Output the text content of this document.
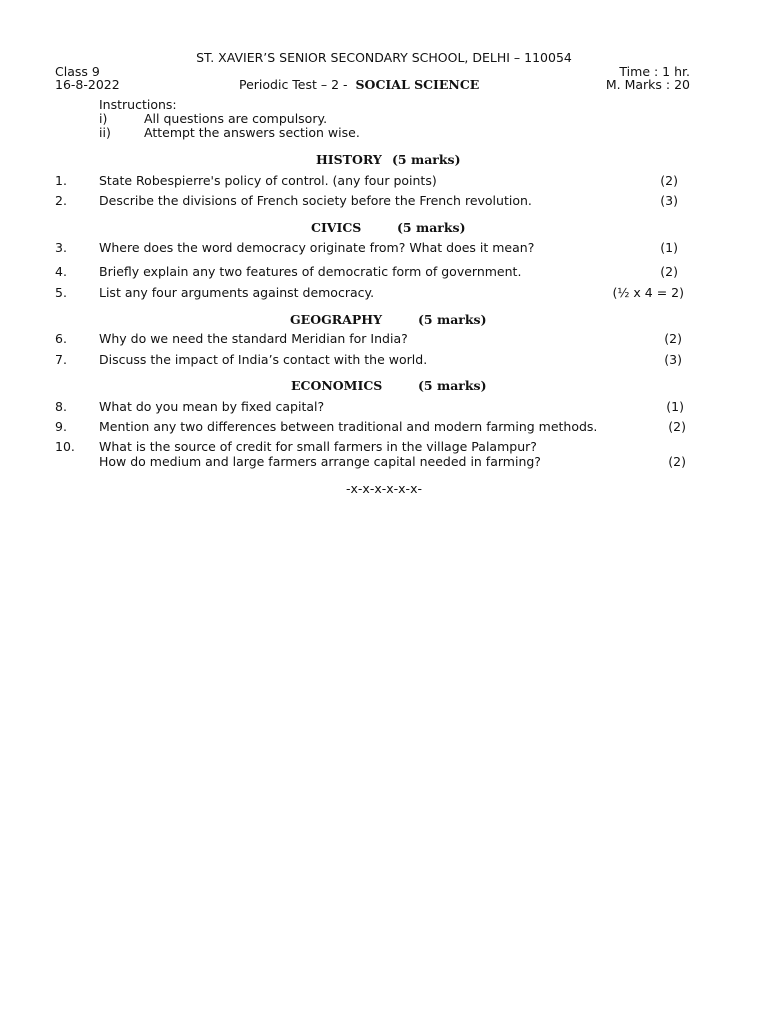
ST. XAVIER’S SENIOR SECONDARY SCHOOL, DELHI – 110054
Class 9	Time : 1 hr.
16-8-2022	Periodic Test – 2 - SOCIAL SCIENCE	M. Marks : 20
Instructions:
i)	All questions are compulsory.
ii)	Attempt the answers section wise.
HISTORY (5 marks)
1.	State Robespierre's policy of control. (any four points)	(2)
2.	Describe the divisions of French society before the French revolution.	(3)
CIVICS	(5 marks)
3.	Where does the word democracy originate from? What does it mean?	(1)
4.	Briefly explain any two features of democratic form of government.	(2)
5.	List any four arguments against democracy.	(½ x 4 = 2)
GEOGRAPHY	(5 marks)
6.	Why do we need the standard Meridian for India?	(2)
7.	Discuss the impact of India’s contact with the world.	(3)
ECONOMICS	(5 marks)
8.	What do you mean by fixed capital?	(1)
9.	Mention any two differences between traditional and modern farming methods.	(2)
10. What is the source of credit for small farmers in the village Palampur?
How do medium and large farmers arrange capital needed in farming?	(2)
-x-x-x-x-x-x-
